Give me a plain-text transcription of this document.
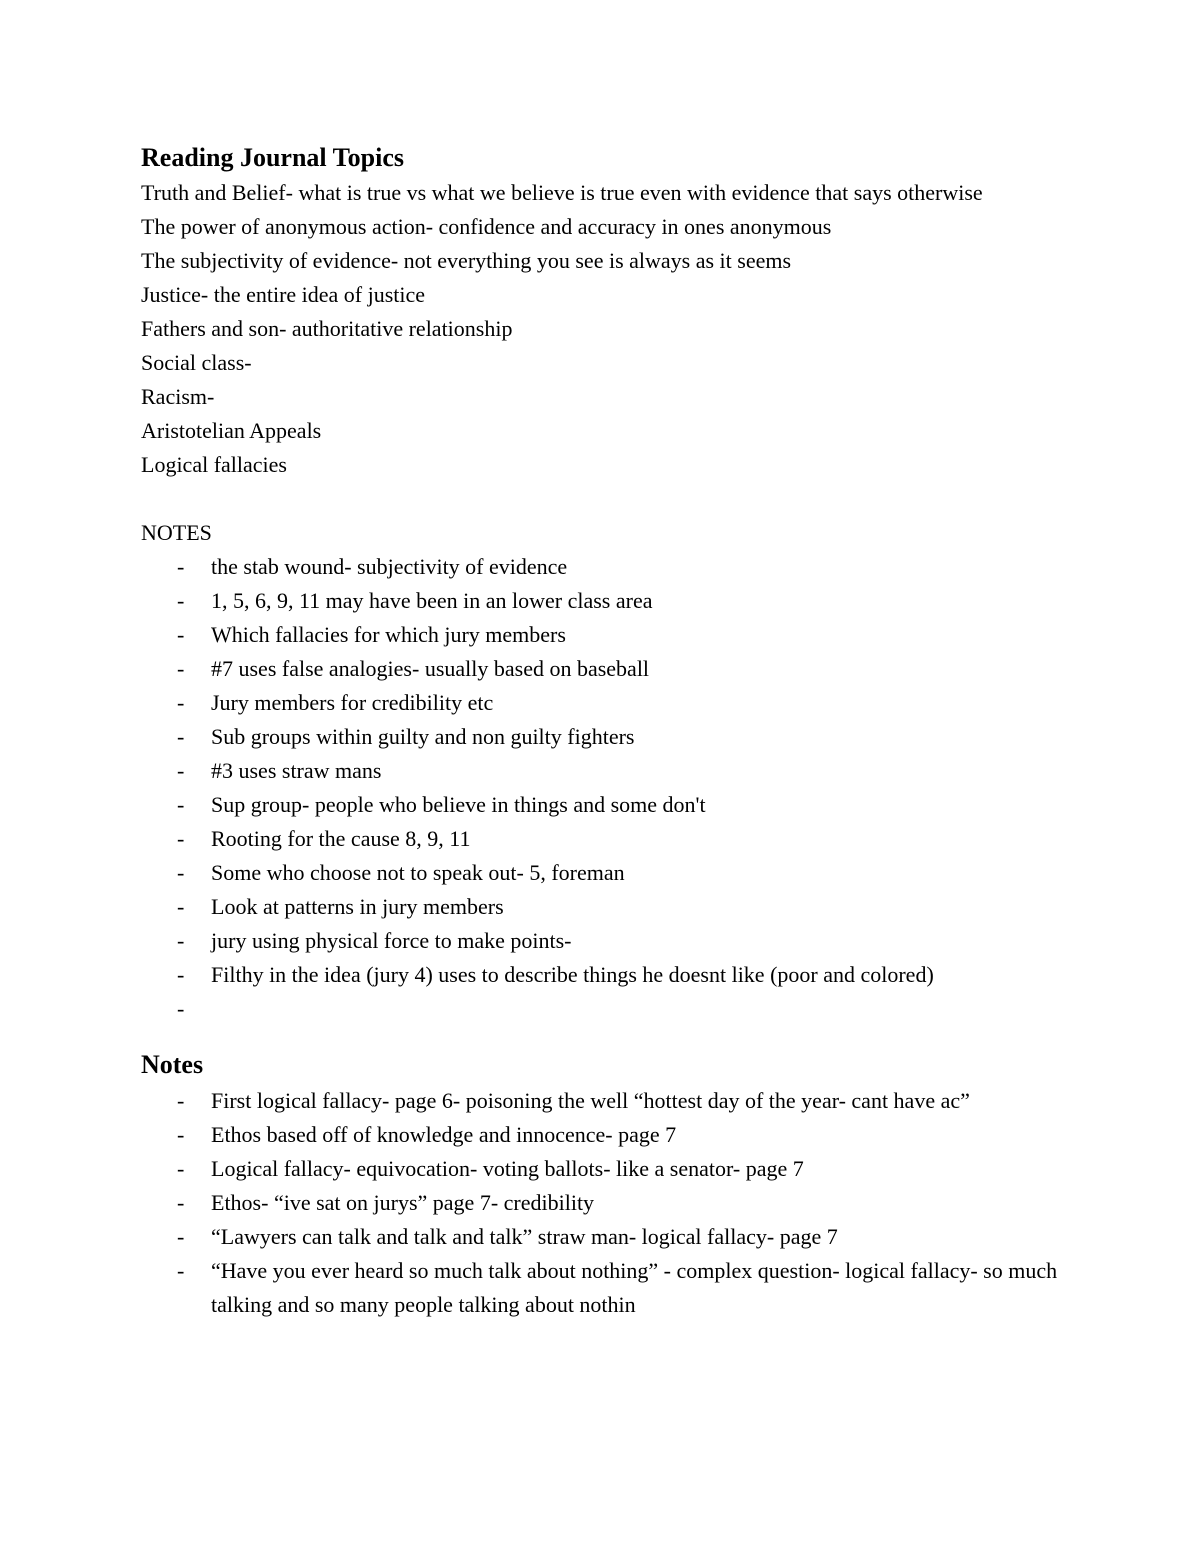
Reading Journal Topics

Truth and Belief- what is true vs what we believe is true even with evidence that says otherwise

The power of anonymous action- confidence and accuracy in ones anonymous

The subjectivity of evidence- not everything you see is always as it seems

Justice- the entire idea of justice

Fathers and son- authoritative relationship

Social class-

Racism-

Aristotelian Appeals

Logical fallacies

NOTES

- the stab wound- subjectivity of evidence
- 1, 5, 6, 9, 11 may have been in an lower class area
- Which fallacies for which jury members
- #7 uses false analogies- usually based on baseball
- Jury members for credibility etc
- Sub groups within guilty and non guilty fighters
- #3 uses straw mans
- Sup group- people who believe in things and some don't
- Rooting for the cause 8, 9, 11
- Some who choose not to speak out- 5, foreman
- Look at patterns in jury members
- jury using physical force to make points-
- Filthy in the idea (jury 4) uses to describe things he doesnt like (poor and colored)
-

Notes
- First logical fallacy- page 6- poisoning the well “hottest day of the year- cant have ac”
- Ethos based off of knowledge and innocence- page 7
- Logical fallacy- equivocation- voting ballots- like a senator- page 7
- Ethos- “ive sat on jurys” page 7- credibility
- “Lawyers can talk and talk and talk” straw man- logical fallacy- page 7
- “Have you ever heard so much talk about nothing” - complex question- logical fallacy- so much talking and so many people talking about nothin
